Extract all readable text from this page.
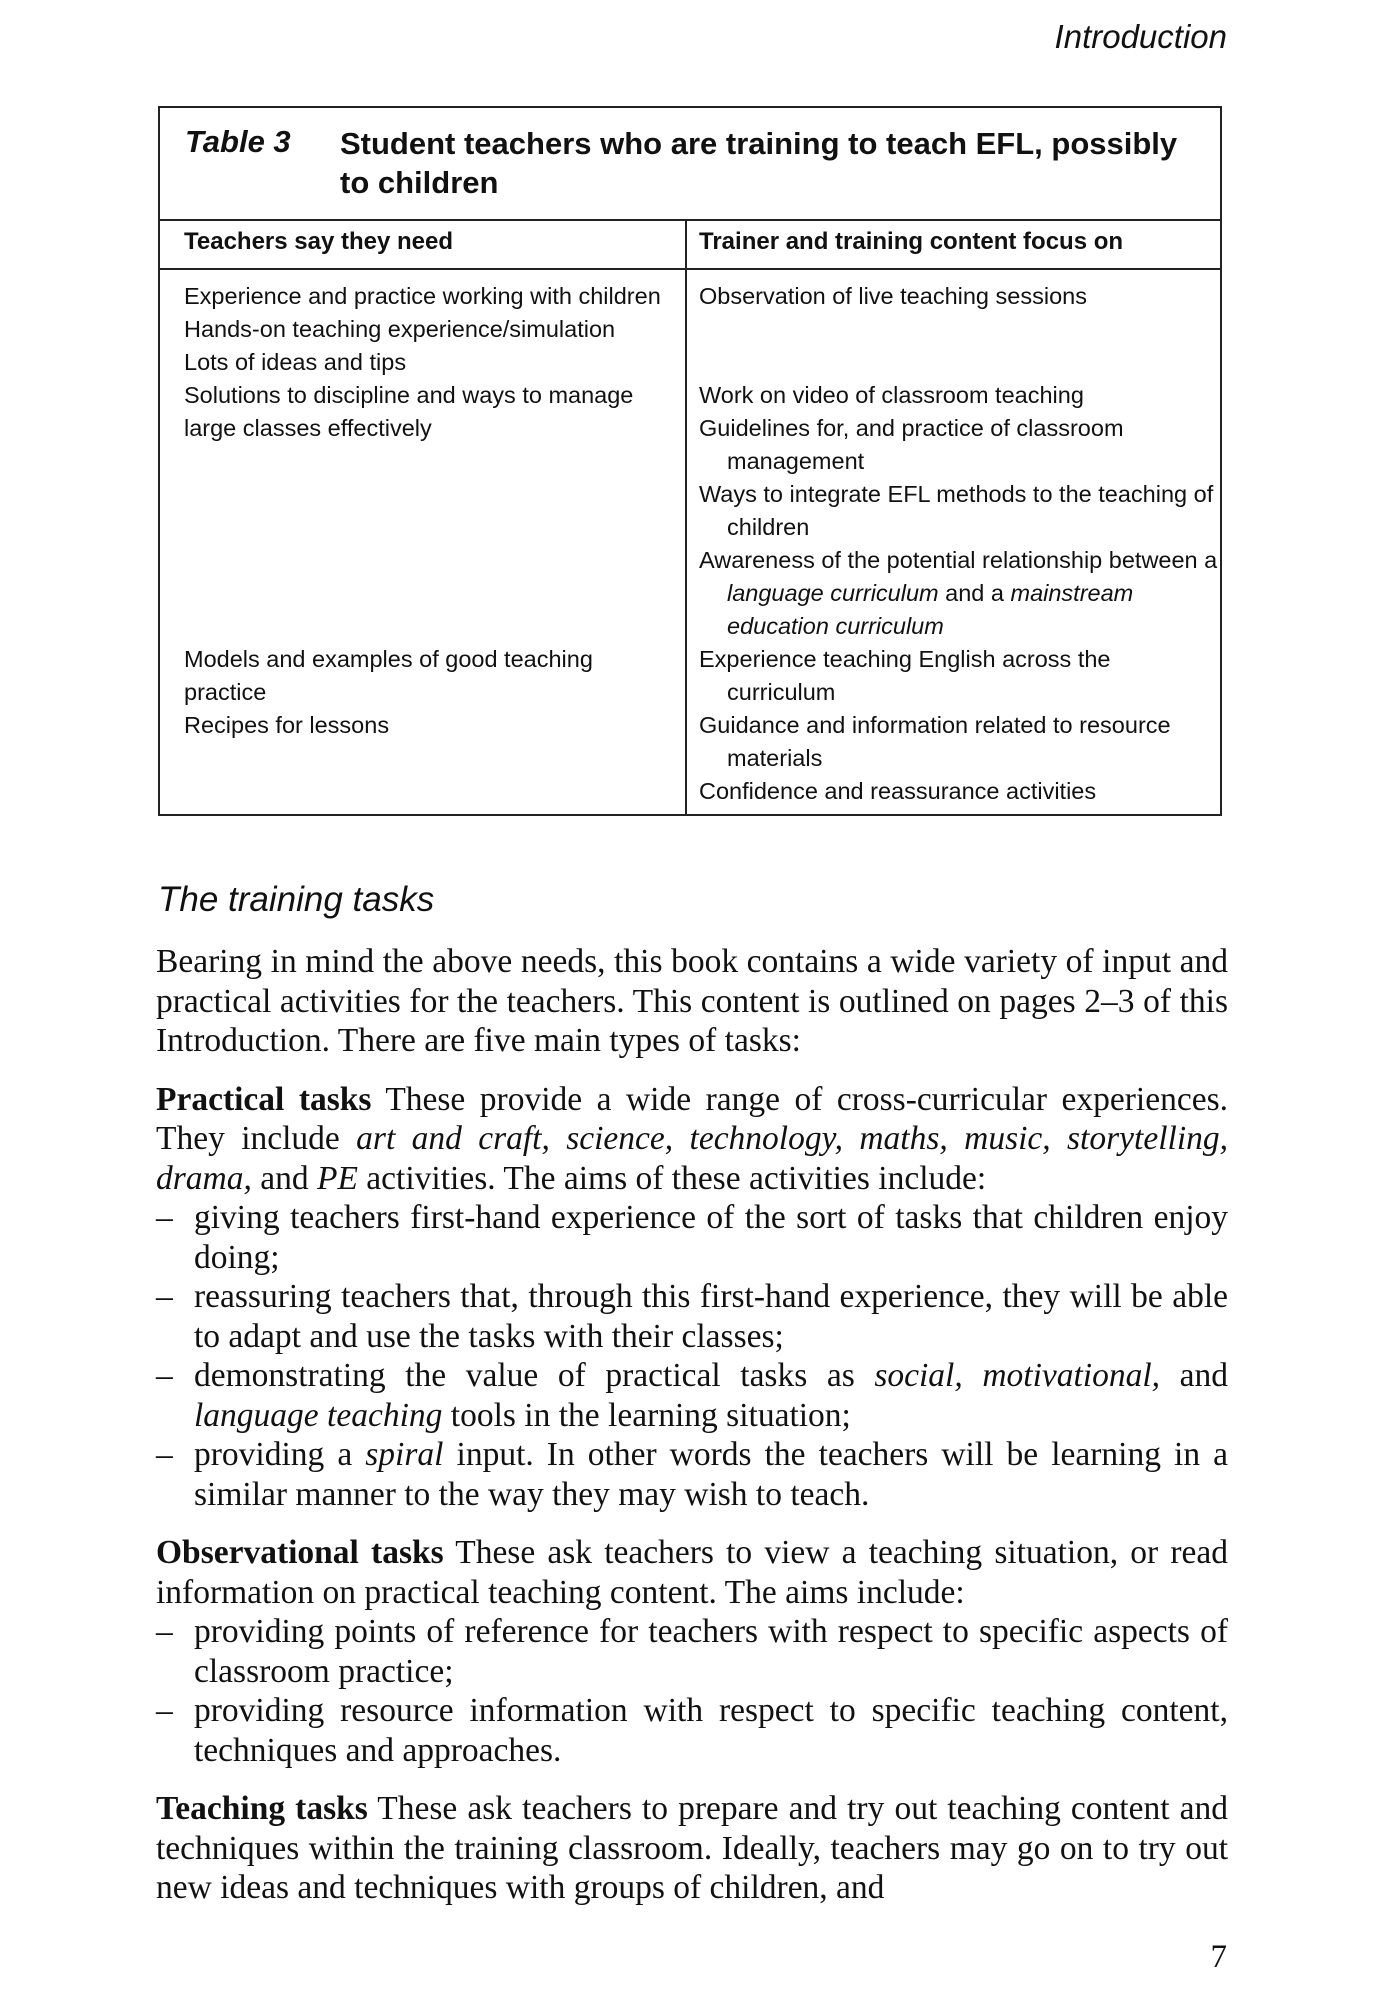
Introduction
Table 3 Student teachers who are training to teach EFL, possibly to children
Teachers say they need	Trainer and training content focus on
Experience and practice working with children
Hands-on teaching experience/simulation
Lots of ideas and tips
Solutions to discipline and ways to manage large classes effectively
Models and examples of good teaching practice
Recipes for lessons
Observation of live teaching sessions
Work on video of classroom teaching
Guidelines for, and practice of classroom management
Ways to integrate EFL methods to the teaching of children
Awareness of the potential relationship between a language curriculum and a mainstream education curriculum
Experience teaching English across the curriculum
Guidance and information related to resource materials
Confidence and reassurance activities
The training tasks

Bearing in mind the above needs, this book contains a wide variety of input and practical activities for the teachers. This content is outlined on pages 2–3 of this Introduction. There are five main types of tasks:

Practical tasks These provide a wide range of cross-curricular experiences. They include art and craft, science, technology, maths, music, storytelling, drama, and PE activities. The aims of these activities include:

– giving teachers first-hand experience of the sort of tasks that children enjoy doing;
– reassuring teachers that, through this first-hand experience, they will be able to adapt and use the tasks with their classes;
– demonstrating the value of practical tasks as social, motivational, and language teaching tools in the learning situation;
– providing a spiral input. In other words the teachers will be learning in a similar manner to the way they may wish to teach.

Observational tasks These ask teachers to view a teaching situation, or read information on practical teaching content. The aims include:

– providing points of reference for teachers with respect to specific aspects of classroom practice;
– providing resource information with respect to specific teaching content, techniques and approaches.

Teaching tasks These ask teachers to prepare and try out teaching content and techniques within the training classroom. Ideally, teachers may go on to try out new ideas and techniques with groups of children, and

7
